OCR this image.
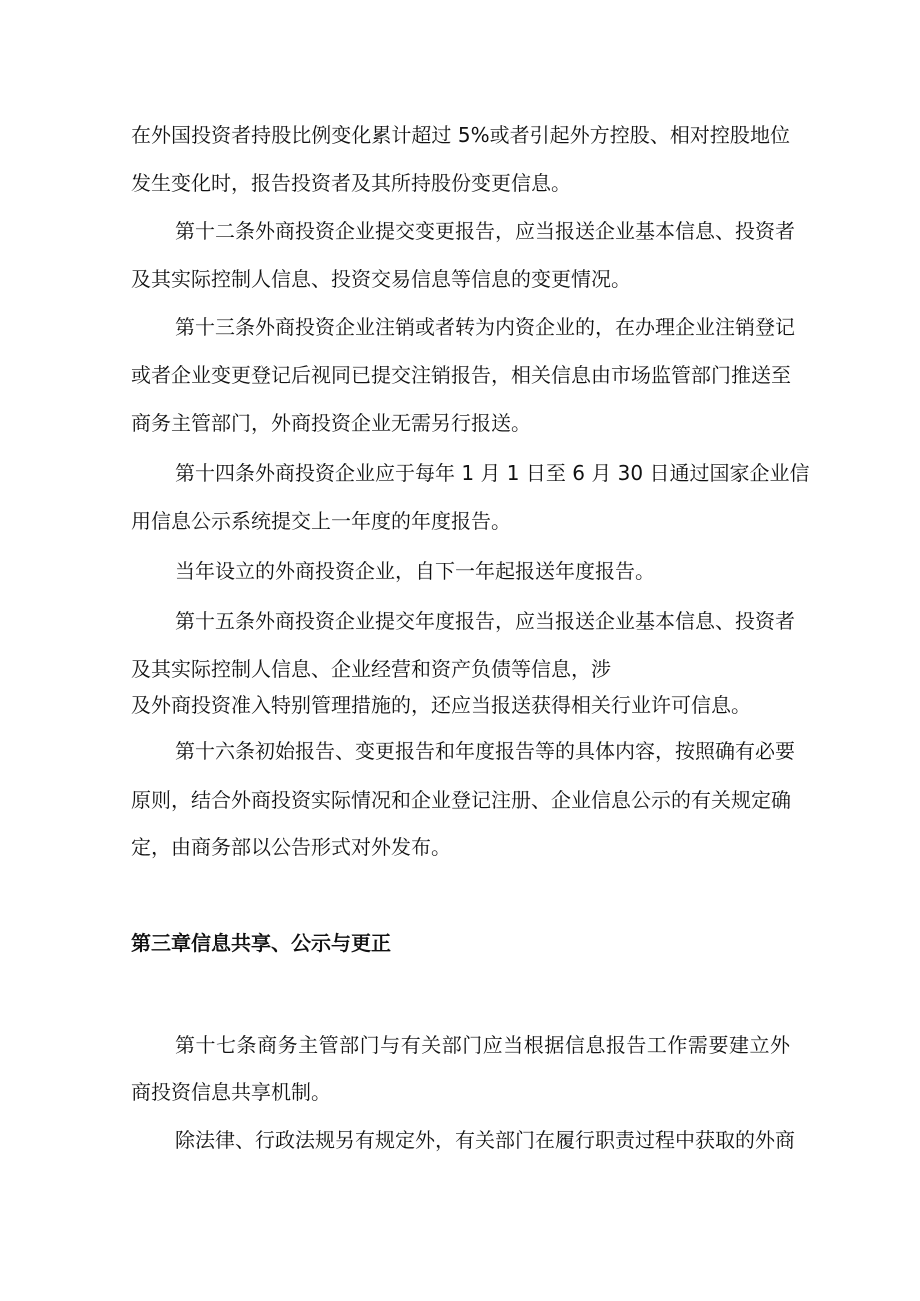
在外国投资者持股比例变化累计超过 5%或者引起外方控股、相对控股地位
发生变化时，报告投资者及其所持股份变更信息。
第十二条外商投资企业提交变更报告，应当报送企业基本信息、投资者
及其实际控制人信息、投资交易信息等信息的变更情况。
第十三条外商投资企业注销或者转为内资企业的，在办理企业注销登记
或者企业变更登记后视同已提交注销报告，相关信息由市场监管部门推送至
商务主管部门，外商投资企业无需另行报送。
第十四条外商投资企业应于每年 1 月 1 日至 6 月 30 日通过国家企业信
用信息公示系统提交上一年度的年度报告。
当年设立的外商投资企业，自下一年起报送年度报告。
第十五条外商投资企业提交年度报告，应当报送企业基本信息、投资者
及其实际控制人信息、企业经营和资产负债等信息，涉
及外商投资准入特别管理措施的，还应当报送获得相关行业许可信息。
第十六条初始报告、变更报告和年度报告等的具体内容，按照确有必要
原则，结合外商投资实际情况和企业登记注册、企业信息公示的有关规定确
定，由商务部以公告形式对外发布。
第三章信息共享、公示与更正
第十七条商务主管部门与有关部门应当根据信息报告工作需要建立外
商投资信息共享机制。
除法律、行政法规另有规定外，有关部门在履行职责过程中获取的外商
